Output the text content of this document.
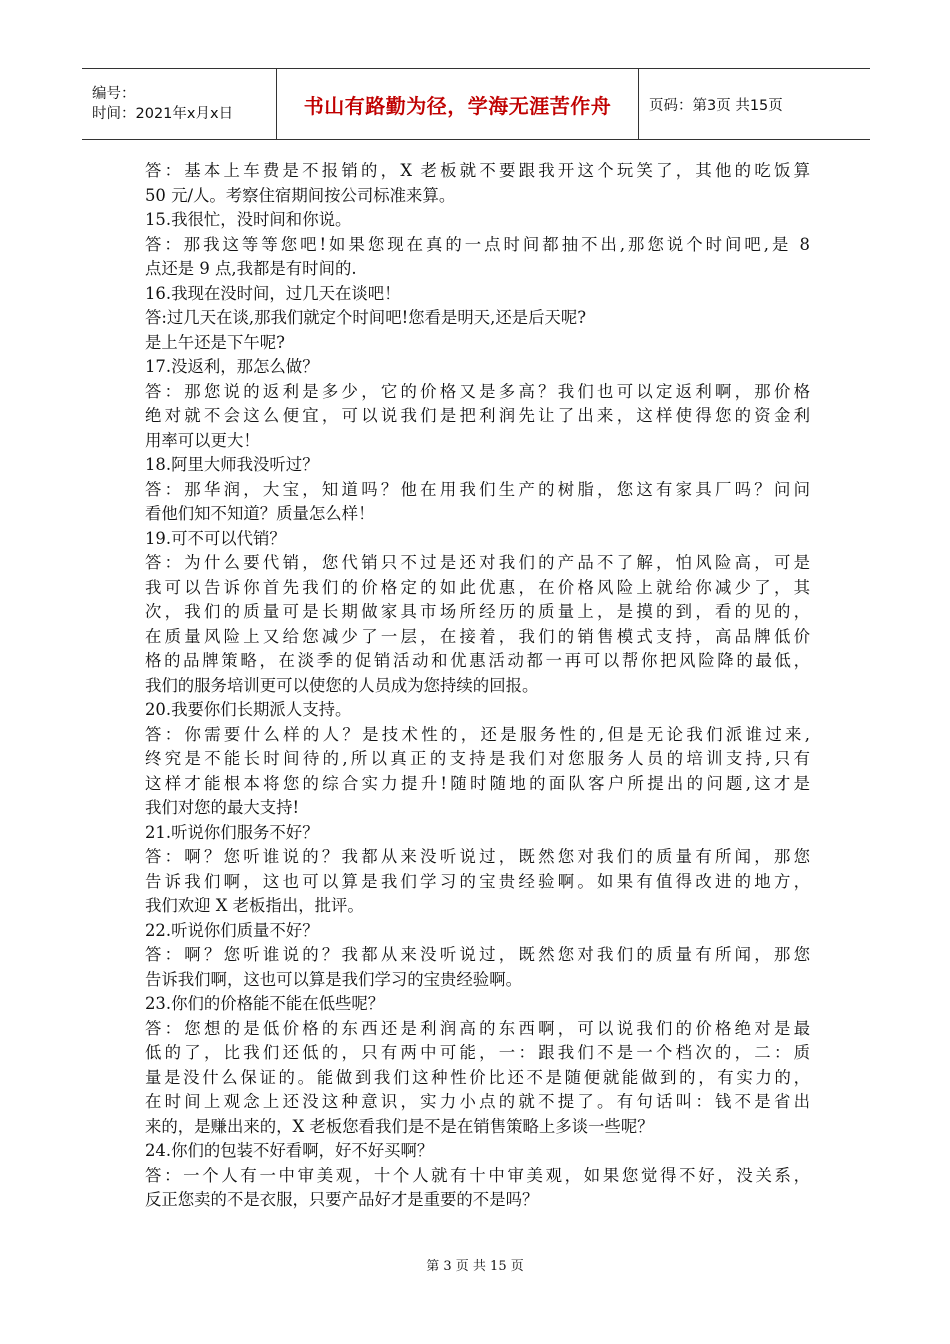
编号：
时间：2021年x月x日	书山有路勤为径，学海无涯苦作舟	页码：第3页 共15页
答：基本上车费是不报销的，X 老板就不要跟我开这个玩笑了，其他的吃饭算
50 元/人。考察住宿期间按公司标准来算。
15.我很忙，没时间和你说。
答：那我这等等您吧!如果您现在真的一点时间都抽不出,那您说个时间吧,是 8
点还是 9 点,我都是有时间的.
16.我现在没时间，过几天在谈吧！
答:过几天在谈,那我们就定个时间吧!您看是明天,还是后天呢?
是上午还是下午呢?
17.没返利，那怎么做？
答：那您说的返利是多少，它的价格又是多高？我们也可以定返利啊，那价格
绝对就不会这么便宜，可以说我们是把利润先让了出来，这样使得您的资金利
用率可以更大！
18.阿里大师我没听过？
答：那华润，大宝，知道吗？他在用我们生产的树脂，您这有家具厂吗？问问
看他们知不知道？质量怎么样！
19.可不可以代销？
答：为什么要代销，您代销只不过是还对我们的产品不了解，怕风险高，可是
我可以告诉你首先我们的价格定的如此优惠，在价格风险上就给你减少了，其
次，我们的质量可是长期做家具市场所经历的质量上，是摸的到，看的见的，
在质量风险上又给您减少了一层，在接着，我们的销售模式支持，高品牌低价
格的品牌策略，在淡季的促销活动和优惠活动都一再可以帮你把风险降的最低，
我们的服务培训更可以使您的人员成为您持续的回报。
20.我要你们长期派人支持。
答：你需要什么样的人？是技术性的，还是服务性的,但是无论我们派谁过来,
终究是不能长时间待的,所以真正的支持是我们对您服务人员的培训支持,只有
这样才能根本将您的综合实力提升!随时随地的面队客户所提出的问题,这才是
我们对您的最大支持!
21.听说你们服务不好？
答：啊？您听谁说的？我都从来没听说过，既然您对我们的质量有所闻，那您
告诉我们啊，这也可以算是我们学习的宝贵经验啊。如果有值得改进的地方，
我们欢迎 X 老板指出，批评。
22.听说你们质量不好？
答：啊？您听谁说的？我都从来没听说过，既然您对我们的质量有所闻，那您
告诉我们啊，这也可以算是我们学习的宝贵经验啊。
23.你们的价格能不能在低些呢？
答：您想的是低价格的东西还是利润高的东西啊，可以说我们的价格绝对是最
低的了，比我们还低的，只有两中可能，一：跟我们不是一个档次的，二：质
量是没什么保证的。能做到我们这种性价比还不是随便就能做到的，有实力的，
在时间上观念上还没这种意识，实力小点的就不提了。有句话叫：钱不是省出
来的，是赚出来的，X 老板您看我们是不是在销售策略上多谈一些呢？
24.你们的包装不好看啊，好不好买啊？
答：一个人有一中审美观，十个人就有十中审美观，如果您觉得不好，没关系，
反正您卖的不是衣服，只要产品好才是重要的不是吗？
第 3 页 共 15 页
